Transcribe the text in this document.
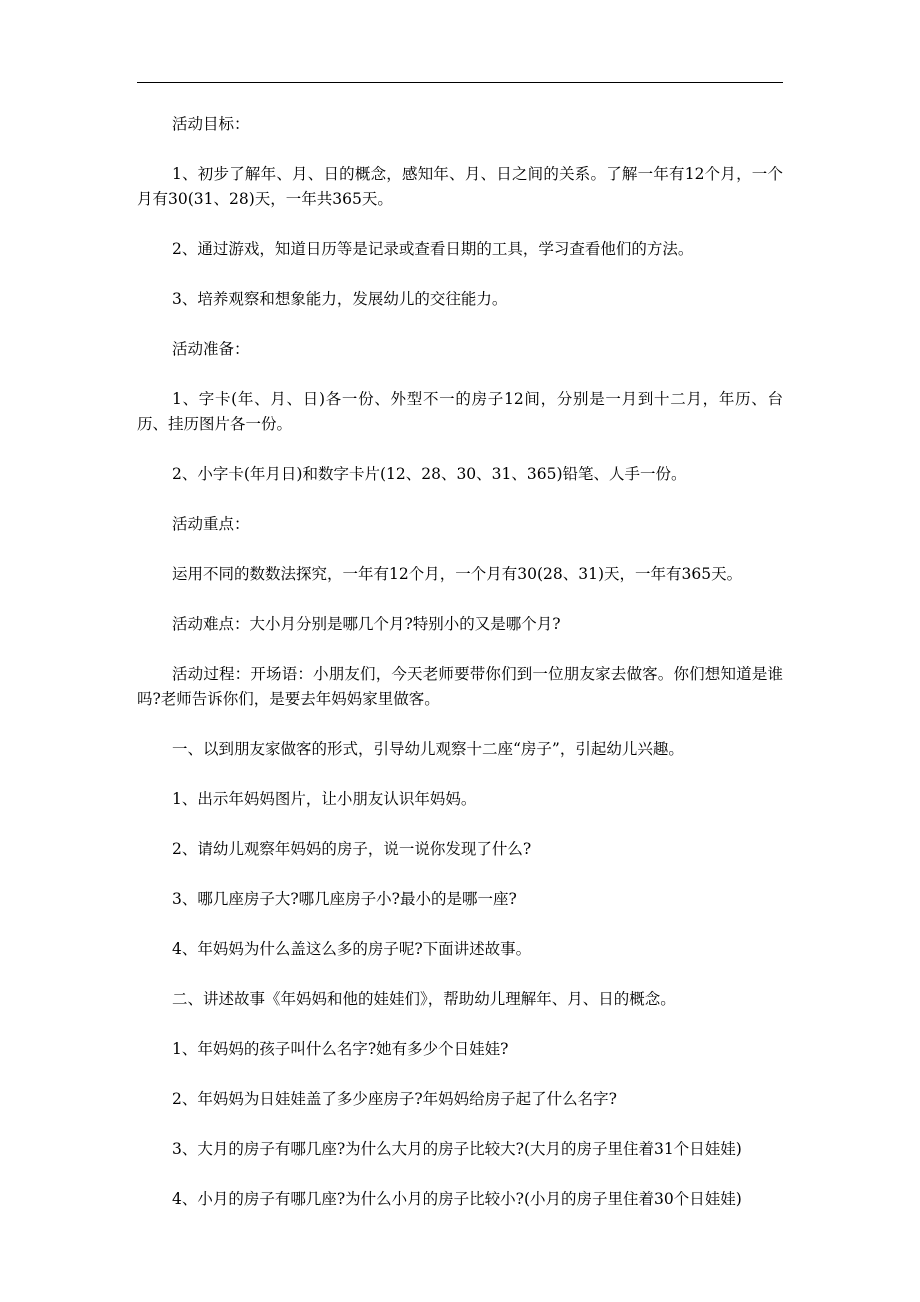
活动目标：

1、初步了解年、月、日的概念，感知年、月、日之间的关系。了解一年有12个月，一个月有30(31、28)天，一年共365天。

2、通过游戏，知道日历等是记录或查看日期的工具，学习查看他们的方法。

3、培养观察和想象能力，发展幼儿的交往能力。

活动准备：

1、字卡(年、月、日)各一份、外型不一的房子12间，分别是一月到十二月，年历、台历、挂历图片各一份。

2、小字卡(年月日)和数字卡片(12、28、30、31、365)铅笔、人手一份。

活动重点：

运用不同的数数法探究，一年有12个月，一个月有30(28、31)天，一年有365天。

活动难点：大小月分别是哪几个月?特别小的又是哪个月?

活动过程：开场语：小朋友们，今天老师要带你们到一位朋友家去做客。你们想知道是谁吗?老师告诉你们，是要去年妈妈家里做客。

一、以到朋友家做客的形式，引导幼儿观察十二座“房子”，引起幼儿兴趣。

1、出示年妈妈图片，让小朋友认识年妈妈。

2、请幼儿观察年妈妈的房子，说一说你发现了什么?

3、哪几座房子大?哪几座房子小?最小的是哪一座?

4、年妈妈为什么盖这么多的房子呢?下面讲述故事。

二、讲述故事《年妈妈和他的娃娃们》，帮助幼儿理解年、月、日的概念。

1、年妈妈的孩子叫什么名字?她有多少个日娃娃?

2、年妈妈为日娃娃盖了多少座房子?年妈妈给房子起了什么名字?

3、大月的房子有哪几座?为什么大月的房子比较大?(大月的房子里住着31个日娃娃)

4、小月的房子有哪几座?为什么小月的房子比较小?(小月的房子里住着30个日娃娃)
